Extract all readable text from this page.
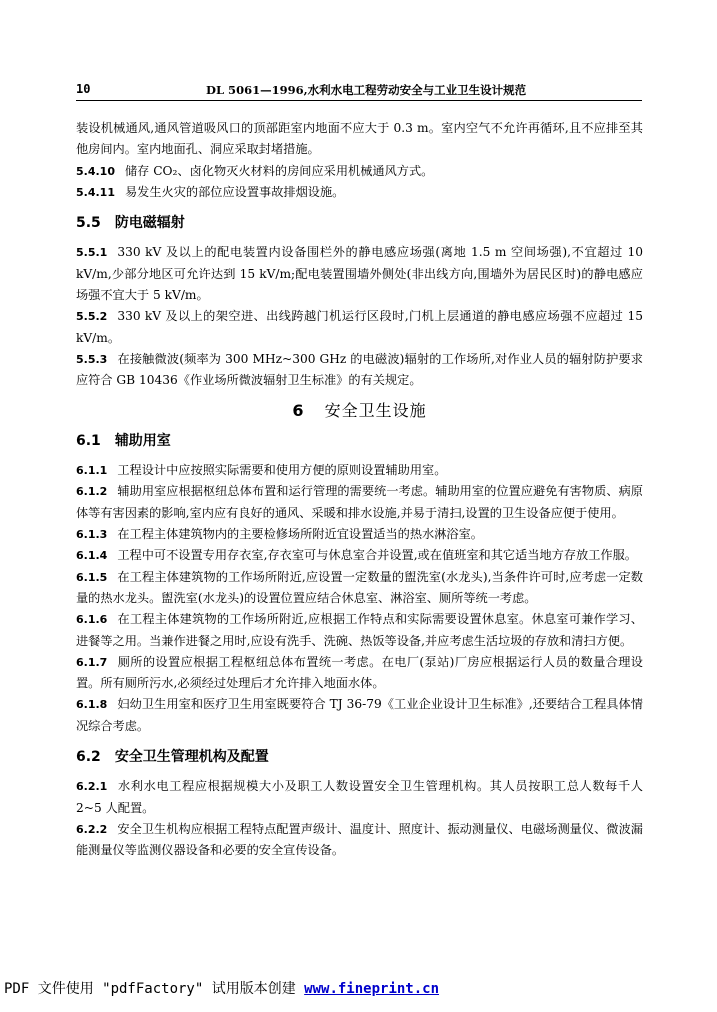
10	DL 5061—1996,水利水电工程劳动安全与工业卫生设计规范

装设机械通风,通风管道吸风口的顶部距室内地面不应大于 0.3 m。室内空气不允许再循环,且不应排至其他房间内。室内地面孔、洞应采取封堵措施。

5.4.10 储存 CO₂、卤化物灭火材料的房间应采用机械通风方式。

5.4.11 易发生火灾的部位应设置事故排烟设施。

5.5 防电磁辐射

5.5.1 330 kV 及以上的配电装置内设备围栏外的静电感应场强(离地 1.5 m 空间场强),不宜超过 10 kV/m,少部分地区可允许达到 15 kV/m;配电装置围墙外侧处(非出线方向,围墙外为居民区时)的静电感应场强不宜大于 5 kV/m。

5.5.2 330 kV 及以上的架空进、出线跨越门机运行区段时,门机上层通道的静电感应场强不应超过 15 kV/m。

5.5.3 在接触微波(频率为 300 MHz~300 GHz 的电磁波)辐射的工作场所,对作业人员的辐射防护要求应符合 GB 10436《作业场所微波辐射卫生标准》的有关规定。

6 安全卫生设施

6.1 辅助用室

6.1.1 工程设计中应按照实际需要和使用方便的原则设置辅助用室。

6.1.2 辅助用室应根据枢纽总体布置和运行管理的需要统一考虑。辅助用室的位置应避免有害物质、病原体等有害因素的影响,室内应有良好的通风、采暖和排水设施,并易于清扫,设置的卫生设备应便于使用。

6.1.3 在工程主体建筑物内的主要检修场所附近宜设置适当的热水淋浴室。

6.1.4 工程中可不设置专用存衣室,存衣室可与休息室合并设置,或在值班室和其它适当地方存放工作服。

6.1.5 在工程主体建筑物的工作场所附近,应设置一定数量的盥洗室(水龙头),当条件许可时,应考虑一定数量的热水龙头。盥洗室(水龙头)的设置位置应结合休息室、淋浴室、厕所等统一考虑。

6.1.6 在工程主体建筑物的工作场所附近,应根据工作特点和实际需要设置休息室。休息室可兼作学习、进餐等之用。当兼作进餐之用时,应设有洗手、洗碗、热饭等设备,并应考虑生活垃圾的存放和清扫方便。

6.1.7 厕所的设置应根据工程枢纽总体布置统一考虑。在电厂(泵站)厂房应根据运行人员的数量合理设置。所有厕所污水,必须经过处理后才允许排入地面水体。

6.1.8 妇幼卫生用室和医疗卫生用室既要符合 TJ 36-79《工业企业设计卫生标准》,还要结合工程具体情况综合考虑。

6.2 安全卫生管理机构及配置

6.2.1 水利水电工程应根据规模大小及职工人数设置安全卫生管理机构。其人员按职工总人数每千人 2~5 人配置。

6.2.2 安全卫生机构应根据工程特点配置声级计、温度计、照度计、振动测量仪、电磁场测量仪、微波漏能测量仪等监测仪器设备和必要的安全宣传设备。

PDF 文件使用 "pdfFactory" 试用版本创建 www.fineprint.cn
